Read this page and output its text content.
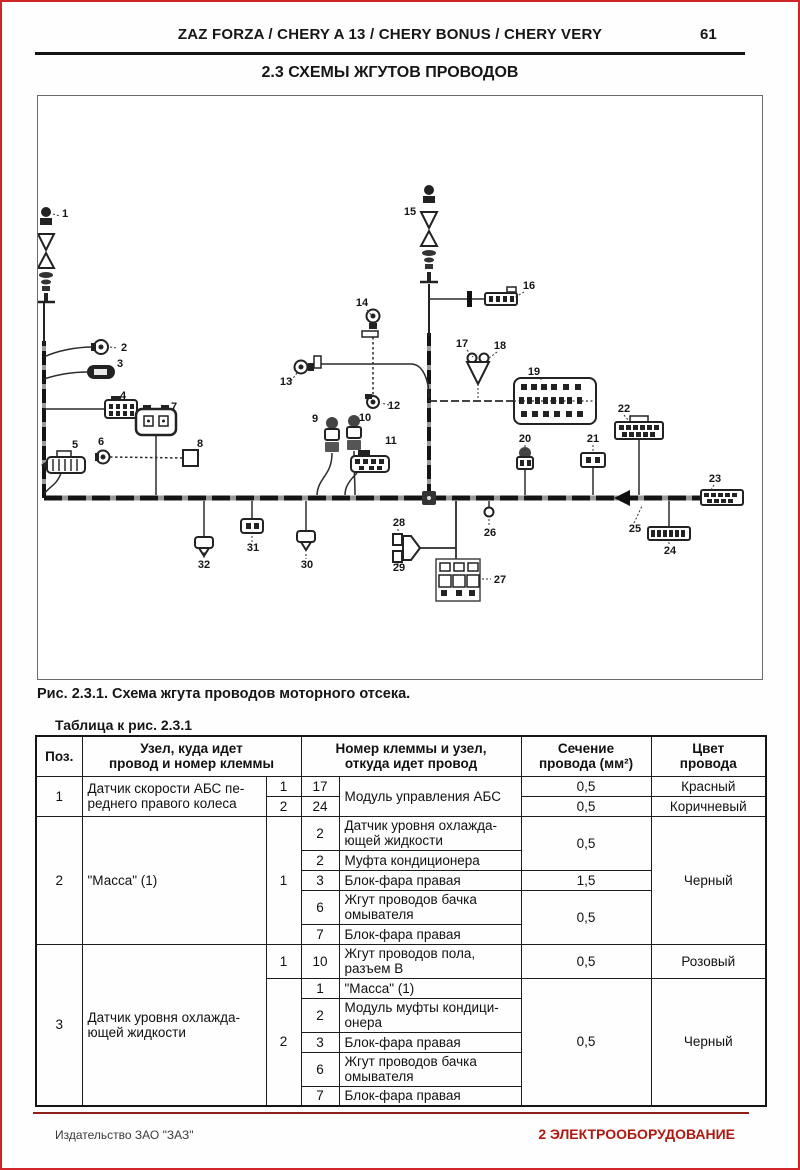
ZAZ FORZA / CHERY A 13 / CHERY BONUS / CHERY VERY	61
2.3 СХЕМЫ ЖГУТОВ ПРОВОДОВ
1
2
3
4
5 6
7
8
9	10
11
12
13
14
15
16
17 18
19
20	21
22
23
24
25
26
27
28
29
30
31
32
Рис. 2.3.1. Схема жгута проводов моторного отсека.
Таблица к рис. 2.3.1
Поз.	Узел, куда идет
провод и номер клеммы

Номер клеммы и узел,
откуда идет провод

Сечение
провода (мм²)

Цвет
провода

1	Датчик скорости АБС пе-
реднего правого колеса	1	17	Модуль управления АБС	0,5	Красный
		2	24		0,5	Коричневый
2	"Масса" (1)	1	2	Датчик уровня охлажда-
ющей жидкости	0,5	Черный
			2	Муфта кондиционера		
			3	Блок-фара правая	1,5	
			6	Жгут проводов бачка
омывателя	0,5	
			7	Блок-фара правая		
3	Датчик уровня охлажда-
ющей жидкости
	1	10	Жгут проводов пола,
разъем В	0,5	Розовый
		2	1	"Масса" (1)	0,5	Черный
			2	Модуль муфты кондици-
онера		

			3	Блок-фара правая		
			6	Жгут проводов бачка
омывателя		

			7	Блок-фара правая		
Издательство ЗАО "ЗАЗ"	2 ЭЛЕКТРООБОРУДОВАНИЕ
